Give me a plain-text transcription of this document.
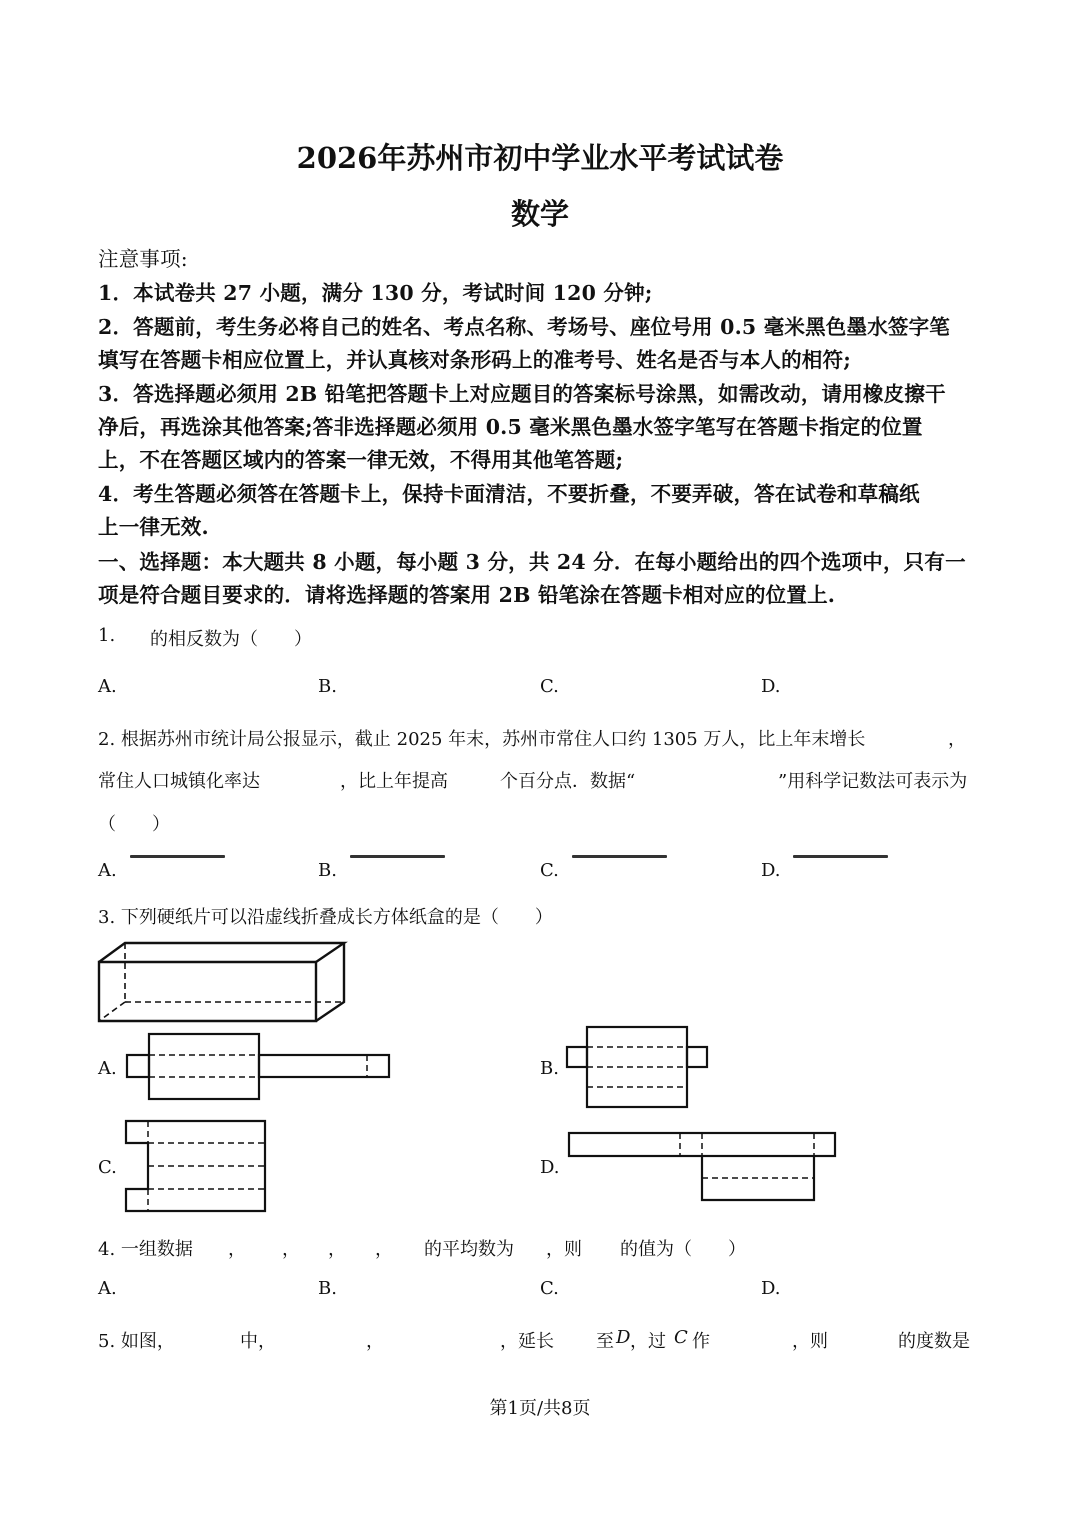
2026年苏州市初中学业水平考试试卷
数学
注意事项:
1．本试卷共 27 小题，满分 130 分，考试时间 120 分钟;
2．答题前，考生务必将自己的姓名、考点名称、考场号、座位号用 0.5 毫米黑色墨水签字笔
填写在答题卡相应位置上，并认真核对条形码上的准考号、姓名是否与本人的相符;
3．答选择题必须用 2B 铅笔把答题卡上对应题目的答案标号涂黑，如需改动，请用橡皮擦干
净后，再选涂其他答案;答非选择题必须用 0.5 毫米黑色墨水签字笔写在答题卡指定的位置
上，不在答题区域内的答案一律无效，不得用其他笔答题;
4．考生答题必须答在答题卡上，保持卡面清洁，不要折叠，不要弄破，答在试卷和草稿纸
上一律无效.
一、选择题：本大题共 8 小题，每小题 3 分，共 24 分．在每小题给出的四个选项中，只有一
项是符合题目要求的．请将选择题的答案用 2B 铅笔涂在答题卡相对应的位置上.
1. 的相反数为（　　）
A.	B.	C.	D.
2. 根据苏州市统计局公报显示，截止 2025 年末，苏州市常住人口约 1305 万人，比上年末增长	，
常住人口城镇化率达	，比上年提高	个百分点．数据“	”用科学记数法可表示为
（　　）
A.	B.	C.	D.
3. 下列硬纸片可以沿虚线折叠成长方体纸盒的是（　　）
A.	B.
C.	D.
4. 一组数据 ， ， ， ， 的平均数为 ，则 的值为（　　）
A.	B.	C.	D.
5. 如图，	中，	，	，延长 至 D ，过 C 作	，则	的度数是
第1页/共8页
